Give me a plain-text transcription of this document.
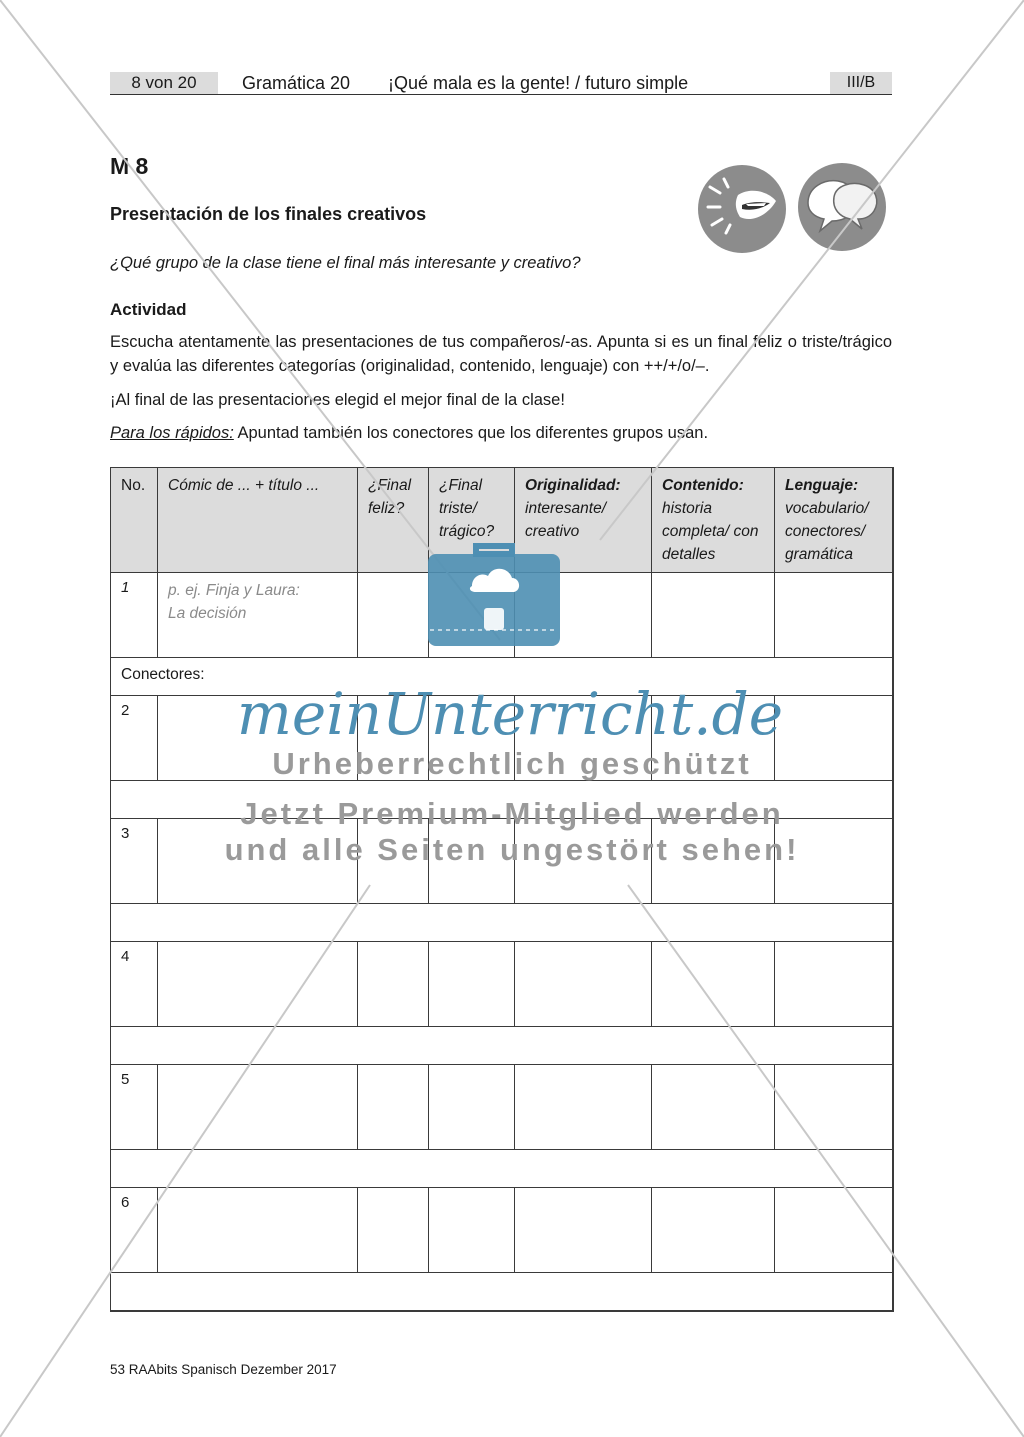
8 von 20	Gramática 20 ¡Qué mala es la gente! / futuro simple	III/B
M 8
Presentación de los finales creativos
¿Qué grupo de la clase tiene el final más interesante y creativo?
Actividad
Escucha atentamente las presentaciones de tus compañeros/-as. Apunta si es un final feliz o triste/trágico y evalúa las diferentes categorías (originalidad, contenido, lenguaje) con ++/+/o/–.
¡Al final de las presentaciones elegid el mejor final de la clase!
Para los rápidos: Apuntad también los conectores que los diferentes grupos usan.
No.	Cómic de ... + título ...	¿Final feliz?	¿Final triste/ trágico?	Originalidad: interesante/ creativo	Contenido: historia completa/ con detalles	Lenguaje: vocabulario/ conectores/ gramática
1	p. ej. Finja y Laura:
La decisión					
Conectores:						
2						

3						

4						

5						

6						

53 RAAbits Spanisch Dezember 2017
meinUnterricht.de
Urheberrechtlich geschützt
Jetzt Premium-Mitglied werden
und alle Seiten ungestört sehen!
